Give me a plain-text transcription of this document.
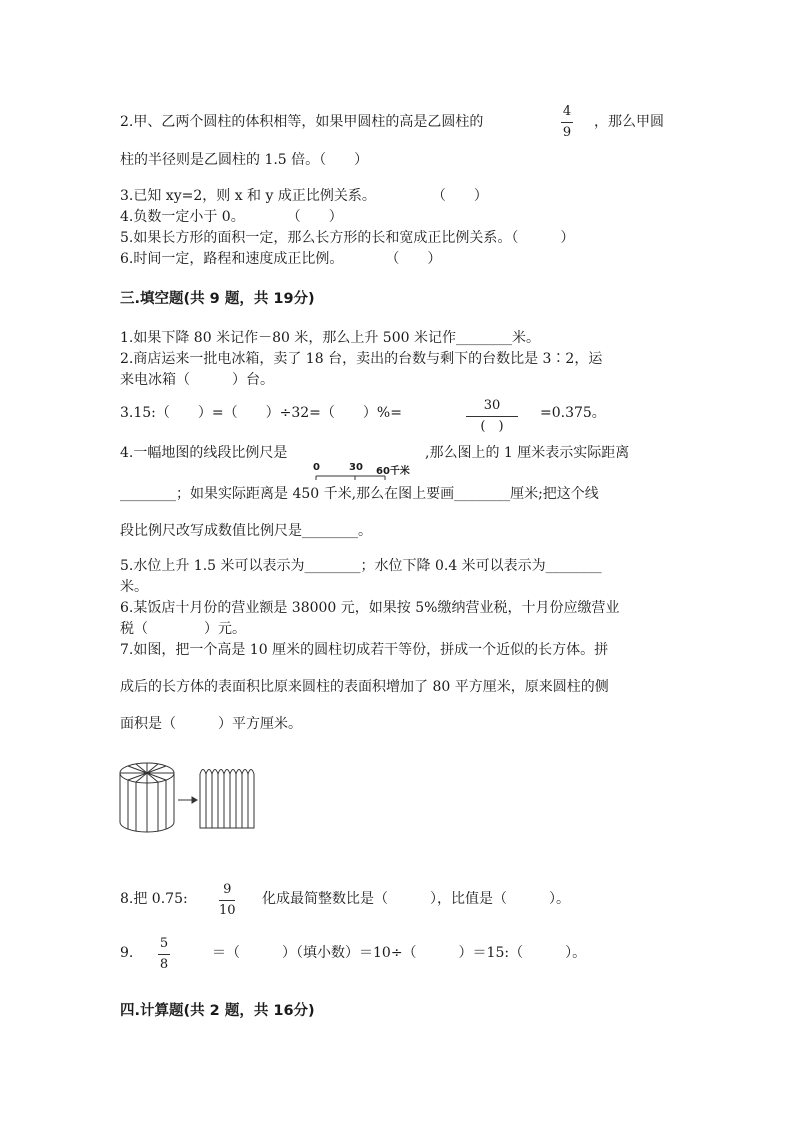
2.甲、乙两个圆柱的体积相等，如果甲圆柱的高是乙圆柱的
4
9
，那么甲圆
柱的半径则是乙圆柱的 1.5 倍。（　　）
3.已知 xy=2，则 x 和 y 成正比例关系。　　　　　（　　）
4.负数一定小于 0。　　　　（　　）
5.如果长方形的面积一定，那么长方形的长和宽成正比例关系。（　　　）
6.时间一定，路程和速度成正比例。　　　　（　　）
三.填空题(共 9 题，共 19分)
1.如果下降 80 米记作－80 米，那么上升 500 米记作________米。
2.商店运来一批电冰箱，卖了 18 台，卖出的台数与剩下的台数比是 3∶2，运
来电冰箱（　　　）台。
3.15:（　　）=（　　）÷32=（　　）%=	30
(　)
=0.375。
4.一幅地图的线段比例尺是	,那么图上的 1 厘米表示实际距离
0	30 60千米
________；如果实际距离是 450 千米,那么在图上要画________厘米;把这个线
段比例尺改写成数值比例尺是________。
5.水位上升 1.5 米可以表示为________；水位下降 0.4 米可以表示为________
米。
6.某饭店十月份的营业额是 38000 元，如果按 5%缴纳营业税，十月份应缴营业
税（　　　　）元。
7.如图，把一个高是 10 厘米的圆柱切成若干等份，拼成一个近似的长方体。拼
成后的长方体的表面积比原来圆柱的表面积增加了 80 平方厘米，原来圆柱的侧
面积是（　　　）平方厘米。
8.把 0.75:
9
10
化成最简整数比是（　　　），比值是（　　　）。
9.
5
8
＝（　　　）（填小数）＝10÷（　　　）＝15:（　　　）。
四.计算题(共 2 题，共 16分)
